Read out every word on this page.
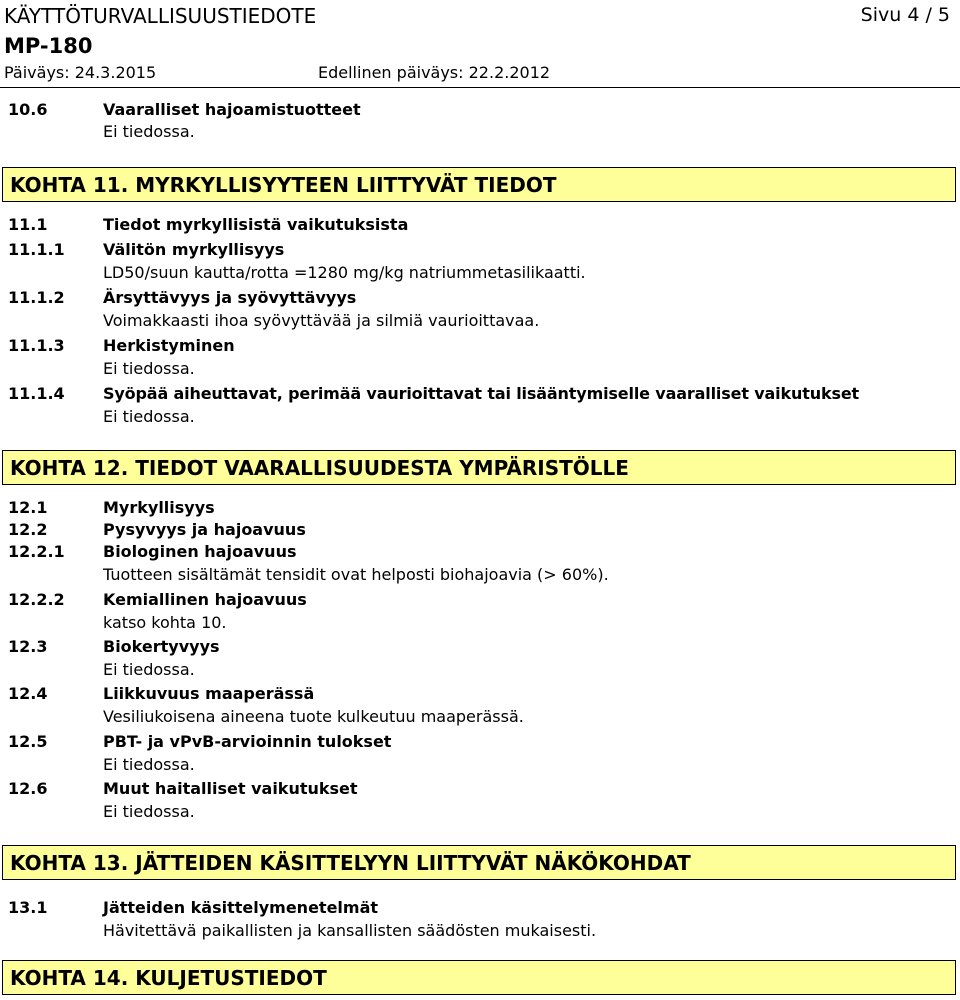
KÄYTTÖTURVALLISUUSTIEDOTE	Sivu 4 / 5
MP-180
Päiväys: 24.3.2015	Edellinen päiväys: 22.2.2012
10.6	Vaaralliset hajoamistuotteet
Ei tiedossa.
KOHTA 11. MYRKYLLISYYTEEN LIITTYVÄT TIEDOT
11.1	Tiedot myrkyllisistä vaikutuksista
11.1.1 Välitön myrkyllisyys
LD50/suun kautta/rotta =1280 mg/kg natriummetasilikaatti.
11.1.2 Ärsyttävyys ja syövyttävyys
Voimakkaasti ihoa syövyttävää ja silmiä vaurioittavaa.
11.1.3 Herkistyminen
Ei tiedossa.
11.1.4 Syöpää aiheuttavat, perimää vaurioittavat tai lisääntymiselle vaaralliset vaikutukset
Ei tiedossa.
KOHTA 12. TIEDOT VAARALLISUUDESTA YMPÄRISTÖLLE
12.1	Myrkyllisyys
12.2	Pysyvyys ja hajoavuus
12.2.1 Biologinen hajoavuus
Tuotteen sisältämät tensidit ovat helposti biohajoavia (> 60%).
12.2.2 Kemiallinen hajoavuus
katso kohta 10.
12.3	Biokertyvyys
Ei tiedossa.
12.4	Liikkuvuus maaperässä
Vesiliukoisena aineena tuote kulkeutuu maaperässä.
12.5	PBT- ja vPvB-arvioinnin tulokset
Ei tiedossa.
12.6	Muut haitalliset vaikutukset
Ei tiedossa.
KOHTA 13. JÄTTEIDEN KÄSITTELYYN LIITTYVÄT NÄKÖKOHDAT
13.1	Jätteiden käsittelymenetelmät
Hävitettävä paikallisten ja kansallisten säädösten mukaisesti.
KOHTA 14. KULJETUSTIEDOT
